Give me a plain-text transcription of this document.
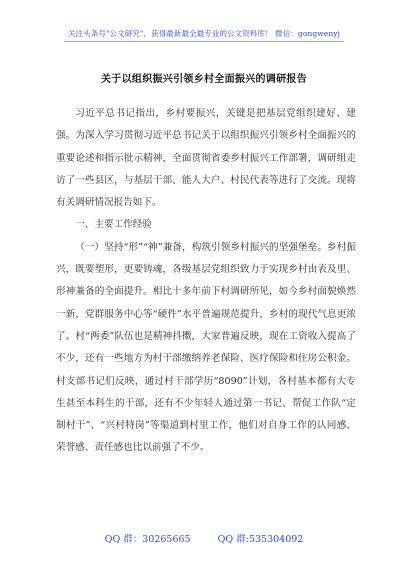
关注头条号"公文研究"，获得最新最全最专业的公文资料库！ 微信：gongwenyj
关于以组织振兴引领乡村全面振兴的调研报告

习近平总书记指出，乡村要振兴，关键是把基层党组织建好、建强。为深入学习贯彻习近平总书记关于以组织振兴引领乡村全面振兴的重要论述和指示批示精神，全面贯彻省委乡村振兴工作部署，调研组走访了一些县区，与基层干部、能人大户、村民代表等进行了交流。现将有关调研情况报告如下。

一、主要工作经验

（一）坚持“形”“神”兼备，构筑引领乡村振兴的坚强堡垒。乡村振兴，既要塑形，更要铸魂，各级基层党组织致力于实现乡村由表及里、形神兼备的全面提升。相比十多年前下村调研所见，如今乡村面貌焕然一新，党群服务中心等“硬件”水平普遍规范提升，乡村的现代气息更浓了。村“两委”队伍也是精神抖擞，大家普遍反映，现在工资收入提高了不少，还有一些地方为村干部缴纳养老保险、医疗保险和住房公积金。村支部书记们反映，通过村干部学历“8090”计划，各村基本都有大专生甚至本科生的干部，还有不少年轻人通过第一书记、帮促工作队“定制村干”、“兴村特岗”等渠道到村里工作，他们对自身工作的认同感、荣誉感、责任感也比以前强了不少。

QQ 群：30265665	QQ 群:535304092
